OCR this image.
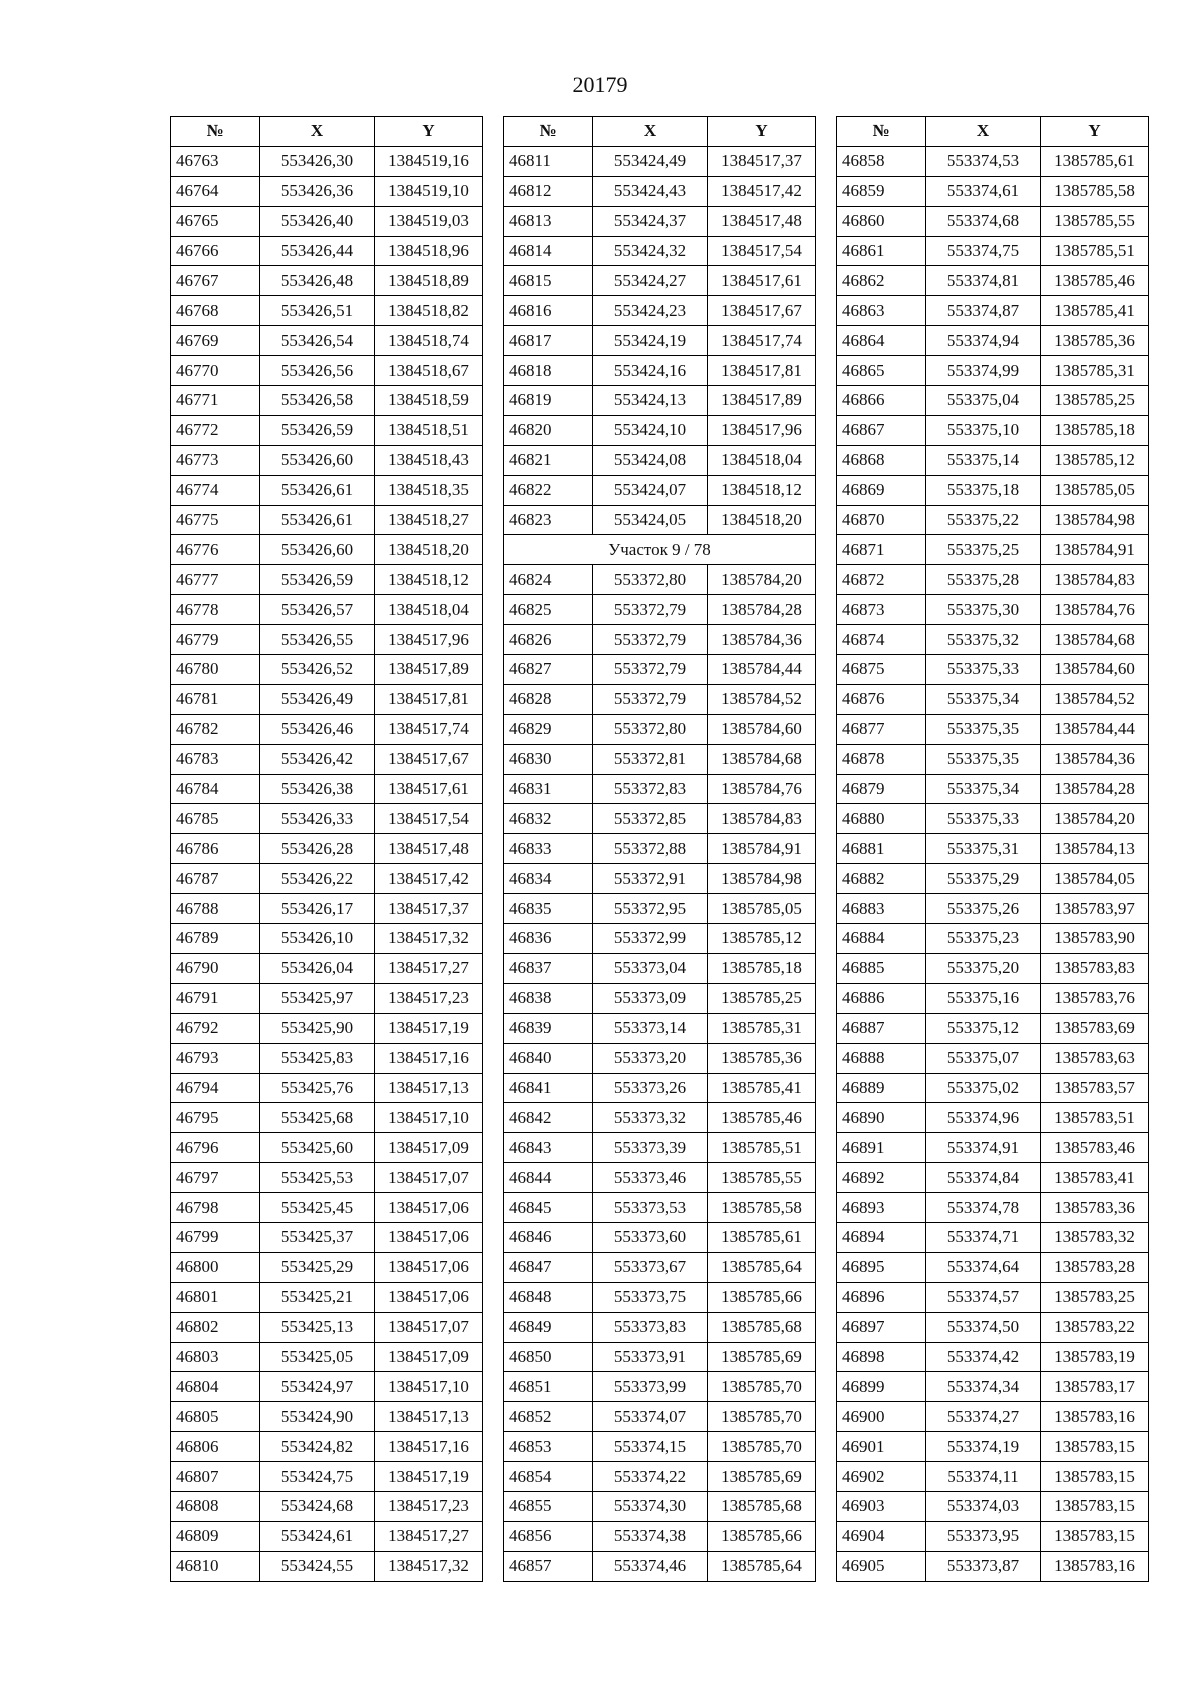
20179
№	X	Y
46763	553426,30	1384519,16
46764	553426,36	1384519,10
46765	553426,40	1384519,03
46766	553426,44	1384518,96
46767	553426,48	1384518,89
46768	553426,51	1384518,82
46769	553426,54	1384518,74
46770	553426,56	1384518,67
46771	553426,58	1384518,59
46772	553426,59	1384518,51
46773	553426,60	1384518,43
46774	553426,61	1384518,35
46775	553426,61	1384518,27
46776	553426,60	1384518,20
46777	553426,59	1384518,12
46778	553426,57	1384518,04
46779	553426,55	1384517,96
46780	553426,52	1384517,89
46781	553426,49	1384517,81
46782	553426,46	1384517,74
46783	553426,42	1384517,67
46784	553426,38	1384517,61
46785	553426,33	1384517,54
46786	553426,28	1384517,48
46787	553426,22	1384517,42
46788	553426,17	1384517,37
46789	553426,10	1384517,32
46790	553426,04	1384517,27
46791	553425,97	1384517,23
46792	553425,90	1384517,19
46793	553425,83	1384517,16
46794	553425,76	1384517,13
46795	553425,68	1384517,10
46796	553425,60	1384517,09
46797	553425,53	1384517,07
46798	553425,45	1384517,06
46799	553425,37	1384517,06
46800	553425,29	1384517,06
46801	553425,21	1384517,06
46802	553425,13	1384517,07
46803	553425,05	1384517,09
46804	553424,97	1384517,10
46805	553424,90	1384517,13
46806	553424,82	1384517,16
46807	553424,75	1384517,19
46808	553424,68	1384517,23
46809	553424,61	1384517,27
46810	553424,55	1384517,32
№	X	Y
46811	553424,49	1384517,37
46812	553424,43	1384517,42
46813	553424,37	1384517,48
46814	553424,32	1384517,54
46815	553424,27	1384517,61
46816	553424,23	1384517,67
46817	553424,19	1384517,74
46818	553424,16	1384517,81
46819	553424,13	1384517,89
46820	553424,10	1384517,96
46821	553424,08	1384518,04
46822	553424,07	1384518,12
46823	553424,05	1384518,20
Участок 9 / 78		
46824	553372,80	1385784,20
46825	553372,79	1385784,28
46826	553372,79	1385784,36
46827	553372,79	1385784,44
46828	553372,79	1385784,52
46829	553372,80	1385784,60
46830	553372,81	1385784,68
46831	553372,83	1385784,76
46832	553372,85	1385784,83
46833	553372,88	1385784,91
46834	553372,91	1385784,98
46835	553372,95	1385785,05
46836	553372,99	1385785,12
46837	553373,04	1385785,18
46838	553373,09	1385785,25
46839	553373,14	1385785,31
46840	553373,20	1385785,36
46841	553373,26	1385785,41
46842	553373,32	1385785,46
46843	553373,39	1385785,51
46844	553373,46	1385785,55
46845	553373,53	1385785,58
46846	553373,60	1385785,61
46847	553373,67	1385785,64
46848	553373,75	1385785,66
46849	553373,83	1385785,68
46850	553373,91	1385785,69
46851	553373,99	1385785,70
46852	553374,07	1385785,70
46853	553374,15	1385785,70
46854	553374,22	1385785,69
46855	553374,30	1385785,68
46856	553374,38	1385785,66
46857	553374,46	1385785,64
№	X	Y
46858	553374,53	1385785,61
46859	553374,61	1385785,58
46860	553374,68	1385785,55
46861	553374,75	1385785,51
46862	553374,81	1385785,46
46863	553374,87	1385785,41
46864	553374,94	1385785,36
46865	553374,99	1385785,31
46866	553375,04	1385785,25
46867	553375,10	1385785,18
46868	553375,14	1385785,12
46869	553375,18	1385785,05
46870	553375,22	1385784,98
46871	553375,25	1385784,91
46872	553375,28	1385784,83
46873	553375,30	1385784,76
46874	553375,32	1385784,68
46875	553375,33	1385784,60
46876	553375,34	1385784,52
46877	553375,35	1385784,44
46878	553375,35	1385784,36
46879	553375,34	1385784,28
46880	553375,33	1385784,20
46881	553375,31	1385784,13
46882	553375,29	1385784,05
46883	553375,26	1385783,97
46884	553375,23	1385783,90
46885	553375,20	1385783,83
46886	553375,16	1385783,76
46887	553375,12	1385783,69
46888	553375,07	1385783,63
46889	553375,02	1385783,57
46890	553374,96	1385783,51
46891	553374,91	1385783,46
46892	553374,84	1385783,41
46893	553374,78	1385783,36
46894	553374,71	1385783,32
46895	553374,64	1385783,28
46896	553374,57	1385783,25
46897	553374,50	1385783,22
46898	553374,42	1385783,19
46899	553374,34	1385783,17
46900	553374,27	1385783,16
46901	553374,19	1385783,15
46902	553374,11	1385783,15
46903	553374,03	1385783,15
46904	553373,95	1385783,15
46905	553373,87	1385783,16
